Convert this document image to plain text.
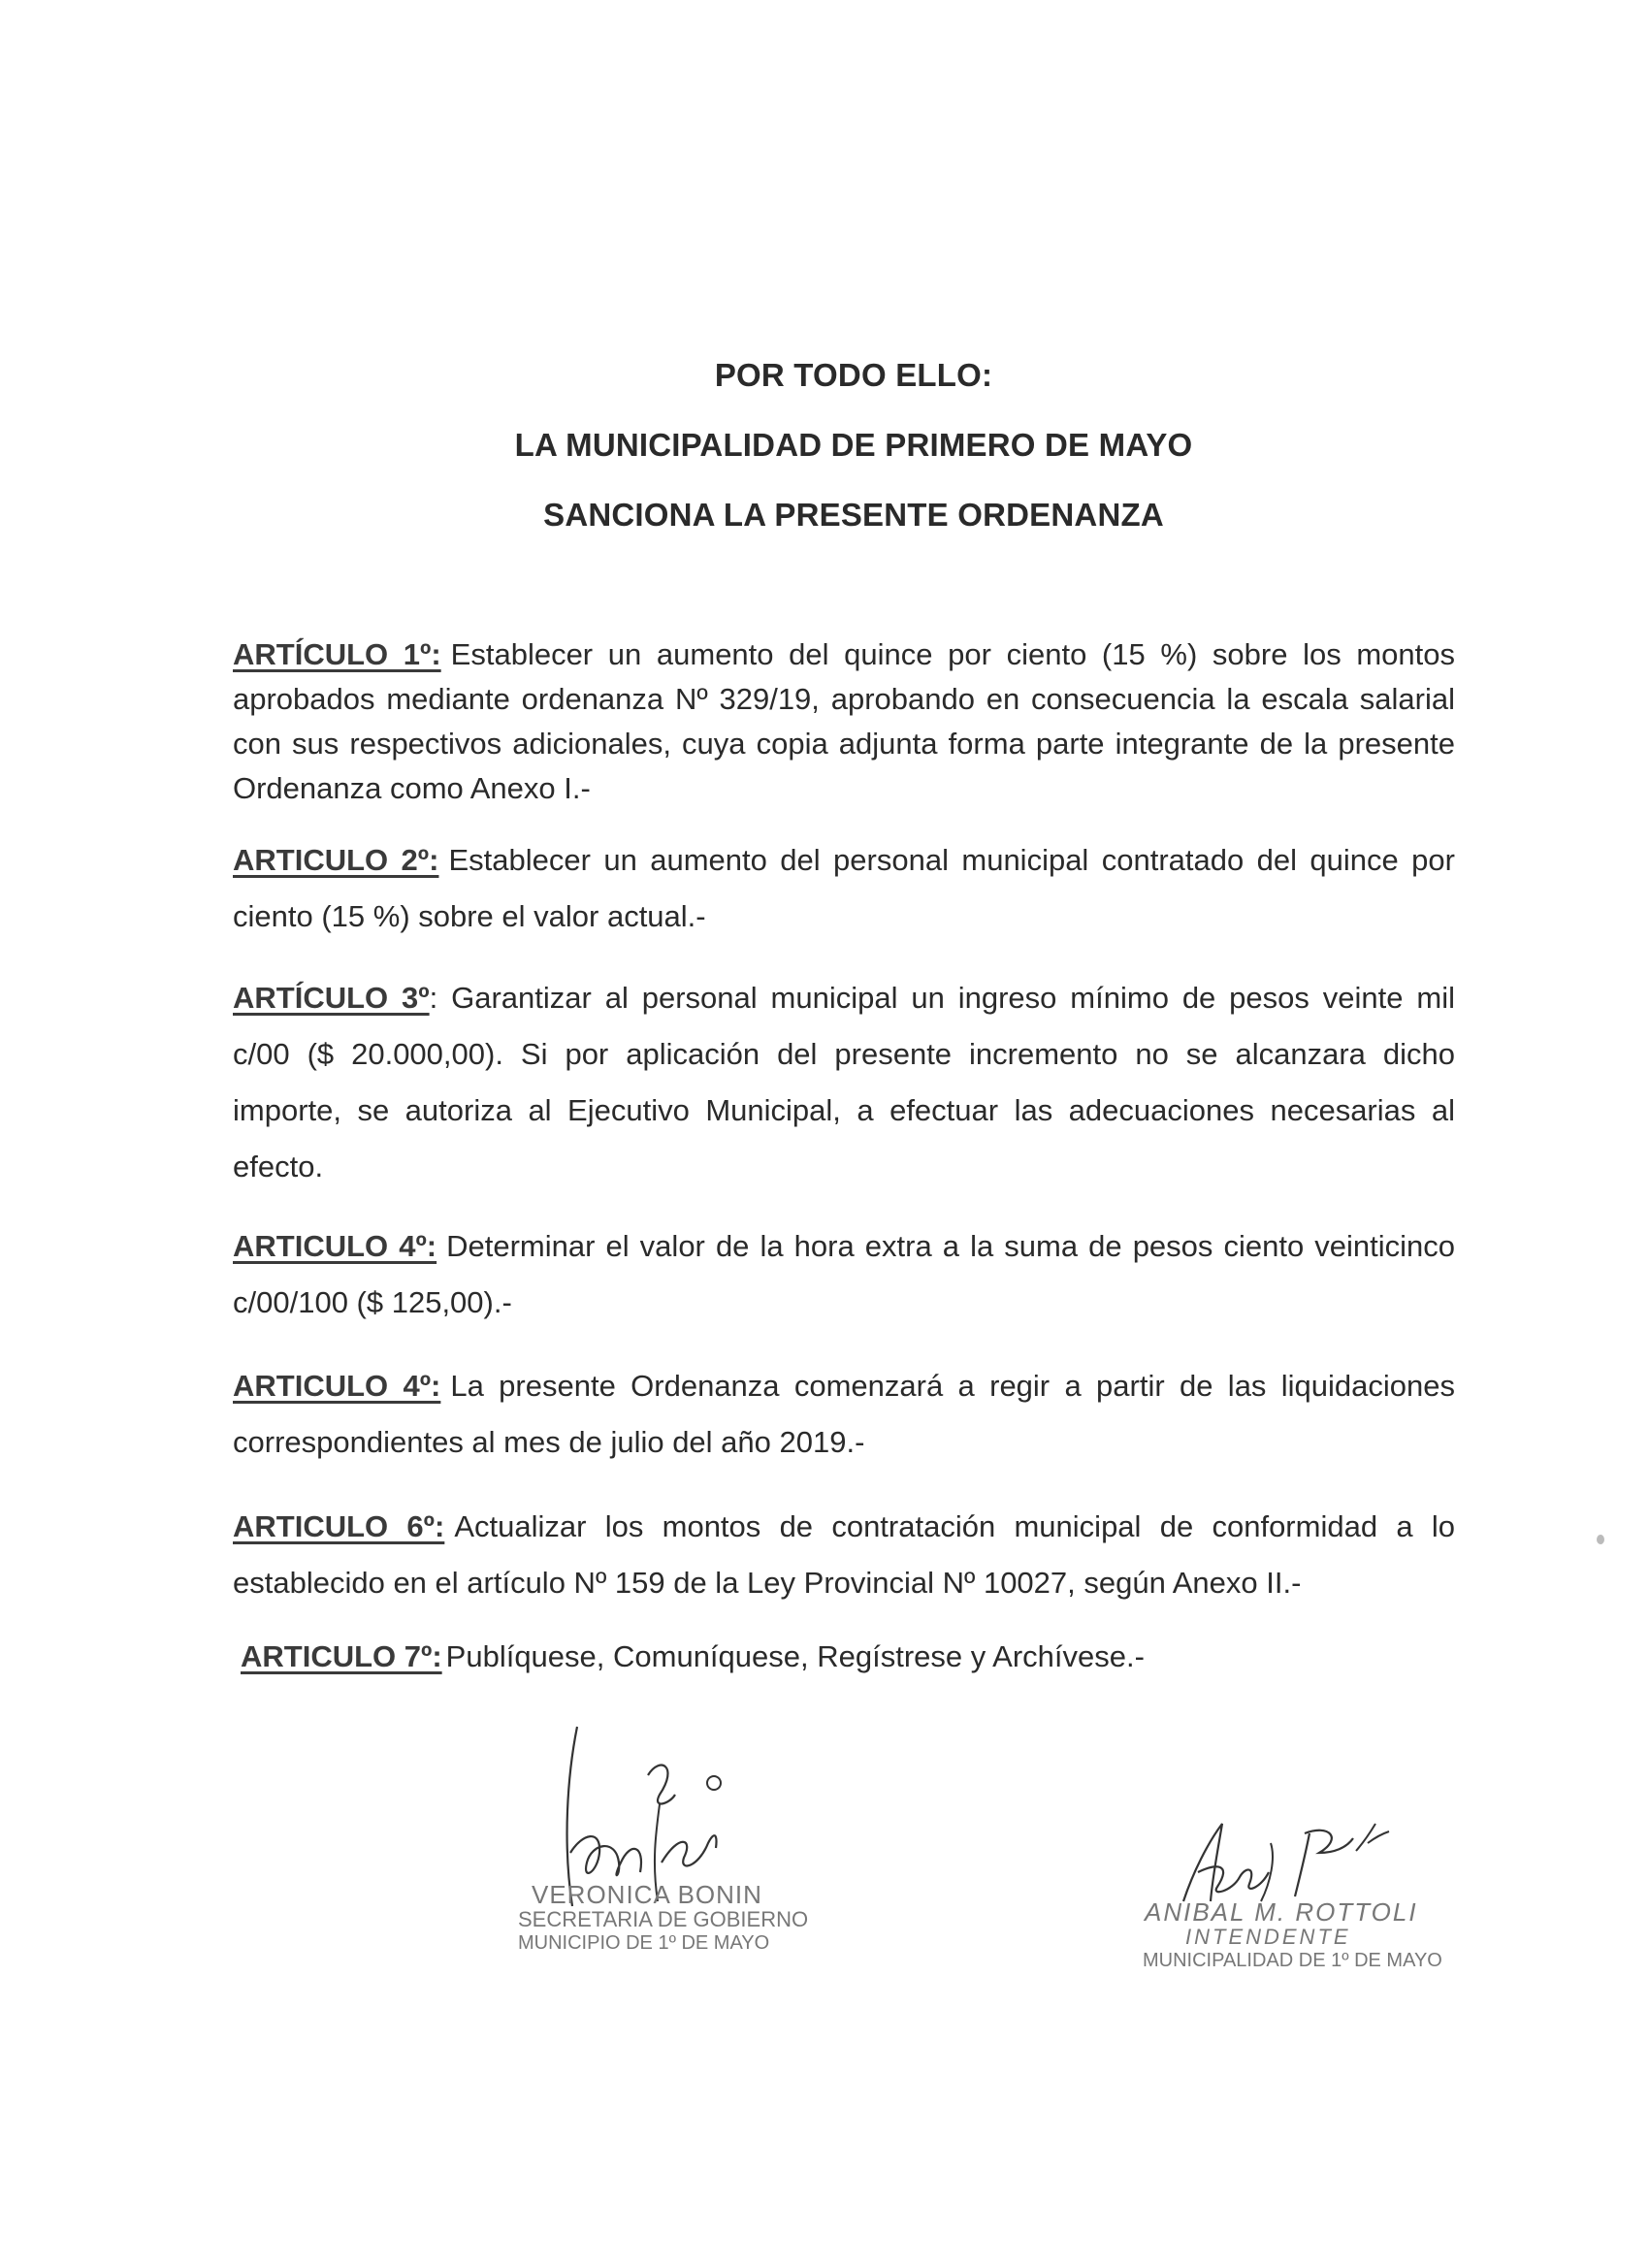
POR TODO ELLO:
LA MUNICIPALIDAD DE PRIMERO DE MAYO
SANCIONA LA PRESENTE ORDENANZA
ARTÍCULO 1º: Establecer un aumento del quince por ciento (15 %) sobre los montos aprobados mediante ordenanza Nº 329/19, aprobando en consecuencia la escala salarial con sus respectivos adicionales, cuya copia adjunta forma parte integrante de la presente Ordenanza como Anexo I.-
ARTICULO 2º: Establecer un aumento del personal municipal contratado del quince por ciento (15 %) sobre el valor actual.-
ARTÍCULO 3º: Garantizar al personal municipal un ingreso mínimo de pesos veinte mil c/00 ($ 20.000,00). Si por aplicación del presente incremento no se alcanzara dicho importe, se autoriza al Ejecutivo Municipal, a efectuar las adecuaciones necesarias al efecto.
ARTICULO 4º: Determinar el valor de la hora extra a la suma de pesos ciento veinticinco c/00/100 ($ 125,00).-
ARTICULO 4º: La presente Ordenanza comenzará a regir a partir de las liquidaciones correspondientes al mes de julio del año 2019.-
ARTICULO 6º: Actualizar los montos de contratación municipal de conformidad a lo establecido en el artículo Nº 159 de la Ley Provincial Nº 10027, según Anexo II.-
ARTICULO 7º: Publíquese, Comuníquese, Regístrese y Archívese.-
VERONICA BONIN
SECRETARIA DE GOBIERNO
MUNICIPIO DE 1º DE MAYO
ANIBAL M. ROTTOLI
INTENDENTE
MUNICIPALIDAD DE 1º DE MAYO
